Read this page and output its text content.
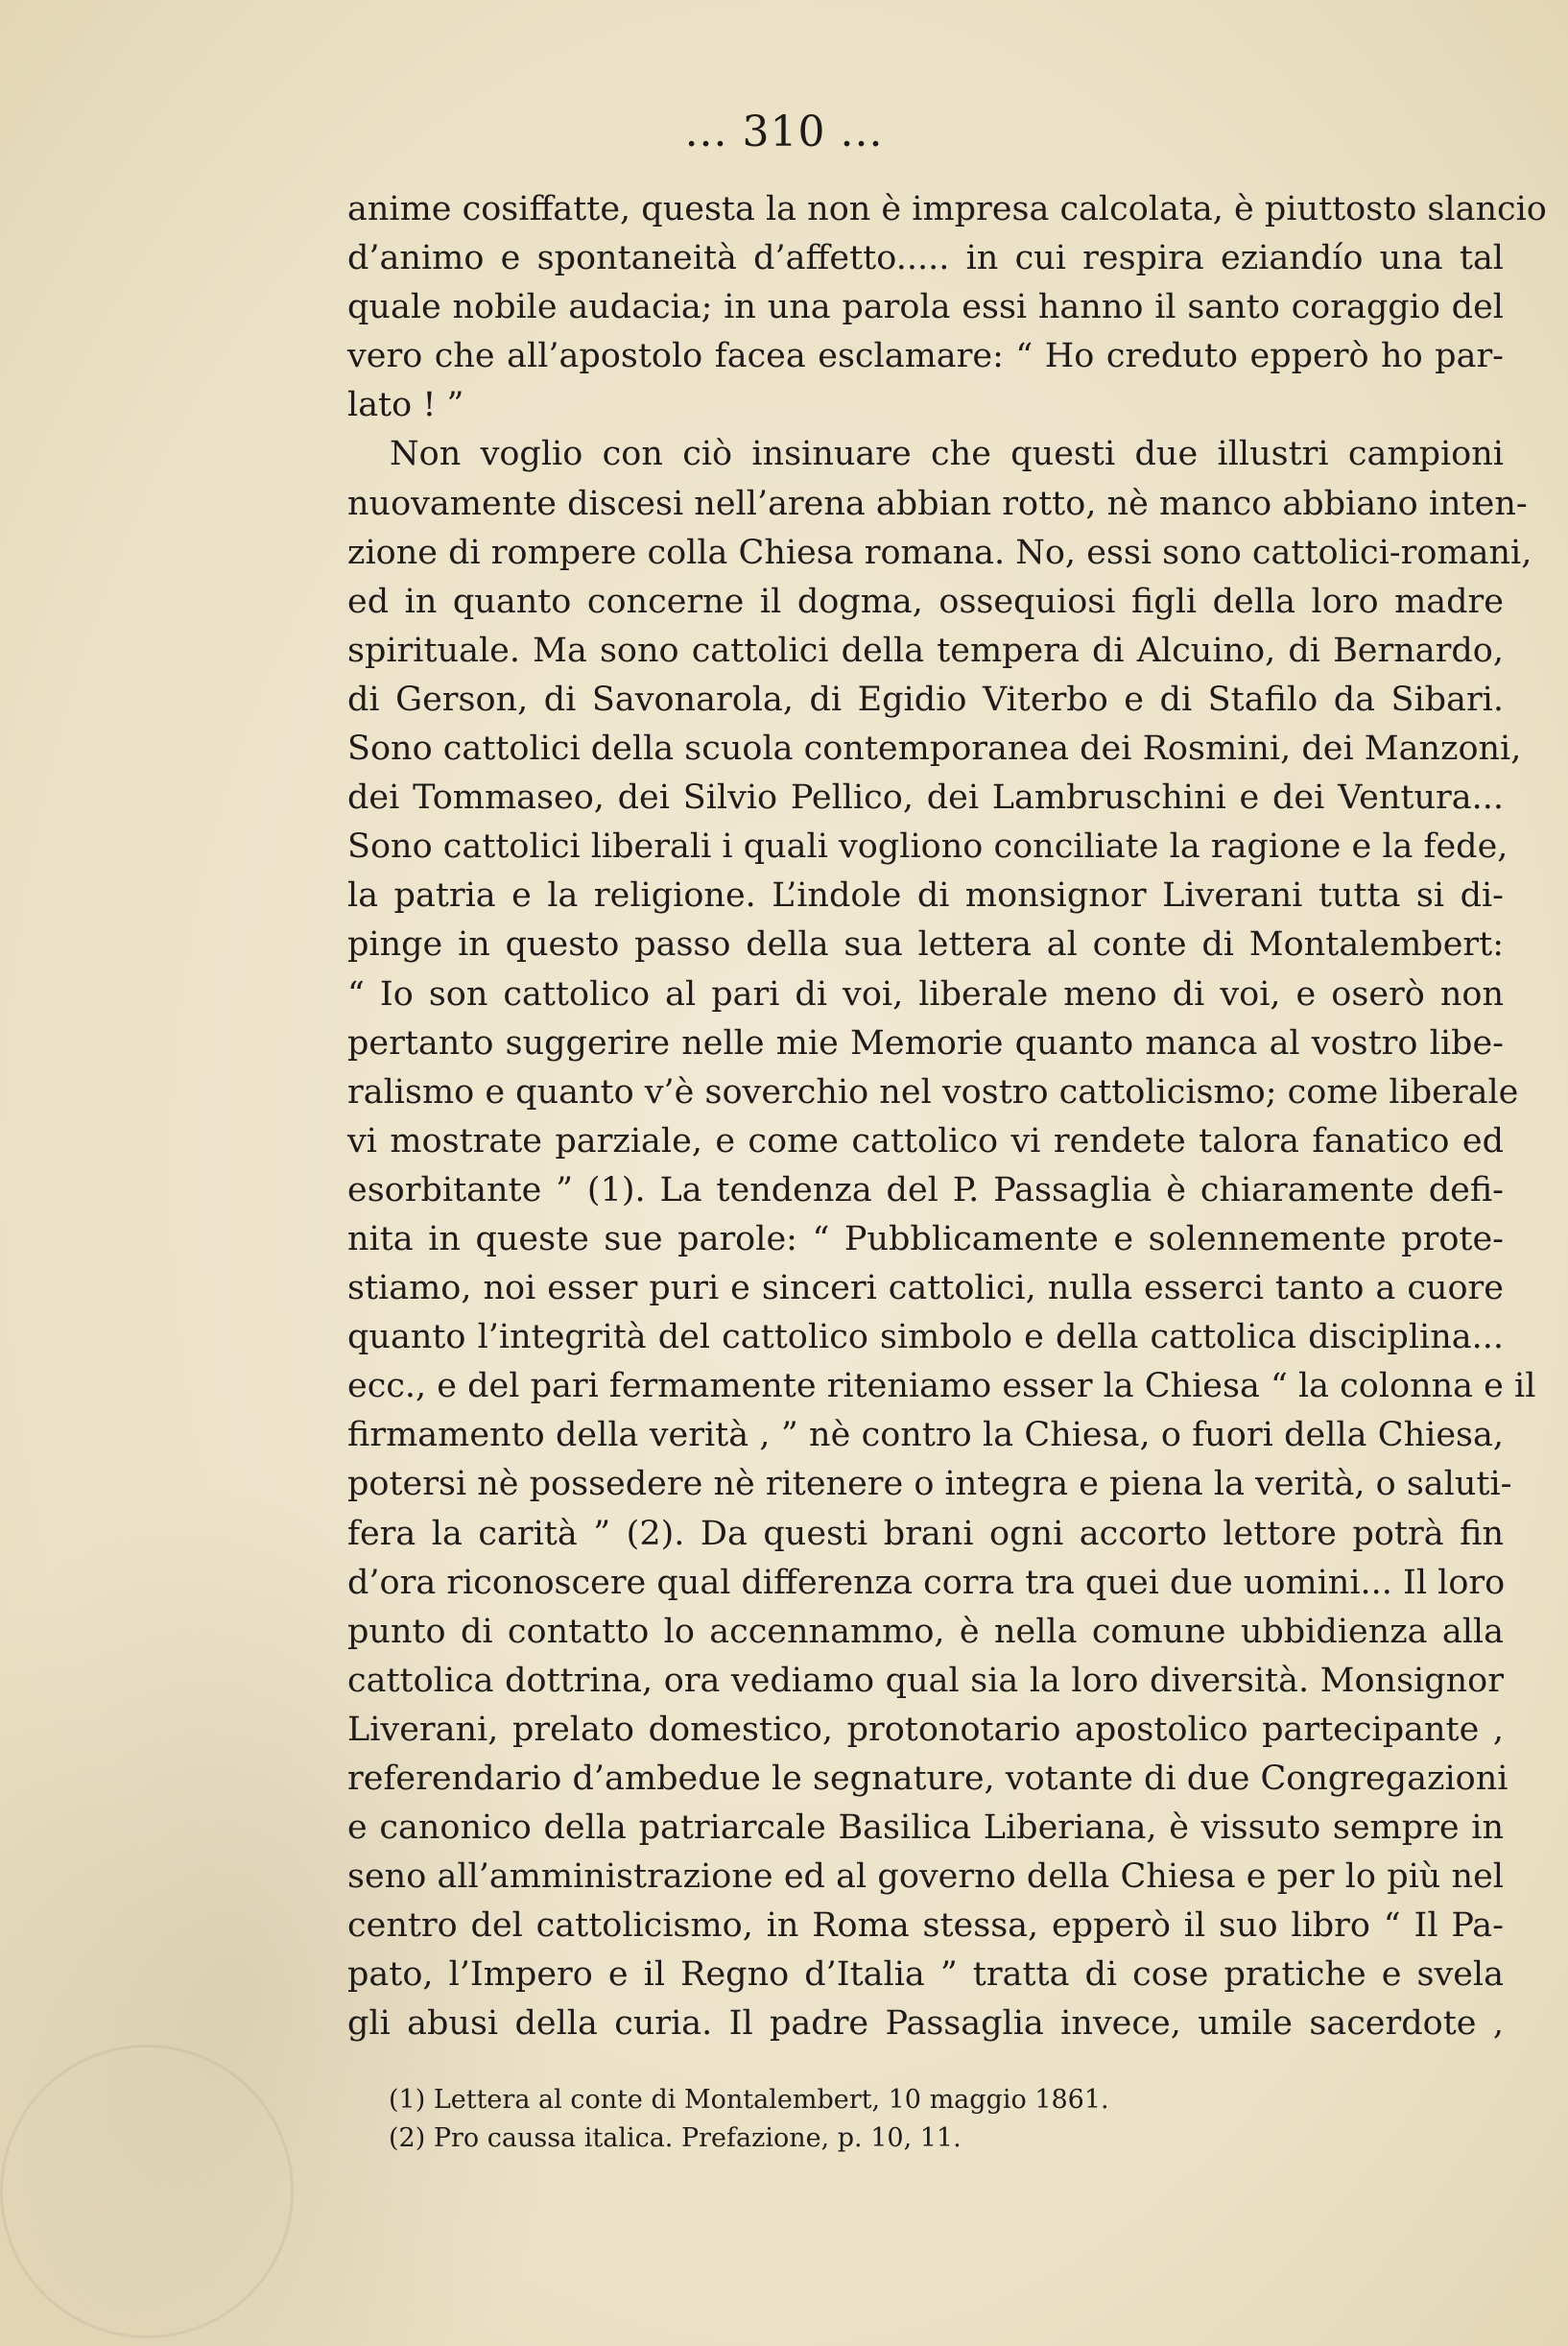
... 310 ...
anime cosiffatte, questa la non è impresa calcolata, è piuttosto slancio
d’animo e spontaneità d’affetto..... in cui respira eziandío una tal
quale nobile audacia; in una parola essi hanno il santo coraggio del
vero che all’apostolo facea esclamare: “ Ho creduto epperò ho par-
lato ! ”
Non voglio con ciò insinuare che questi due illustri campioni
nuovamente discesi nell’arena abbian rotto, nè manco abbiano inten-
zione di rompere colla Chiesa romana. No, essi sono cattolici-romani,
ed in quanto concerne il dogma, ossequiosi figli della loro madre
spirituale. Ma sono cattolici della tempera di Alcuino, di Bernardo,
di Gerson, di Savonarola, di Egidio Viterbo e di Stafilo da Sibari.
Sono cattolici della scuola contemporanea dei Rosmini, dei Manzoni,
dei Tommaseo, dei Silvio Pellico, dei Lambruschini e dei Ventura...
Sono cattolici liberali i quali vogliono conciliate la ragione e la fede,
la patria e la religione. L’indole di monsignor Liverani tutta si di-
pinge in questo passo della sua lettera al conte di Montalembert:
“ Io son cattolico al pari di voi, liberale meno di voi, e oserò non
pertanto suggerire nelle mie Memorie quanto manca al vostro libe-
ralismo e quanto v’è soverchio nel vostro cattolicismo; come liberale
vi mostrate parziale, e come cattolico vi rendete talora fanatico ed
esorbitante ” (1). La tendenza del P. Passaglia è chiaramente defi-
nita in queste sue parole: “ Pubblicamente e solennemente prote-
stiamo, noi esser puri e sinceri cattolici, nulla esserci tanto a cuore
quanto l’integrità del cattolico simbolo e della cattolica disciplina...
ecc., e del pari fermamente riteniamo esser la Chiesa “ la colonna e il
firmamento della verità , ” nè contro la Chiesa, o fuori della Chiesa,
potersi nè possedere nè ritenere o integra e piena la verità, o saluti-
fera la carità ” (2). Da questi brani ogni accorto lettore potrà fin
d’ora riconoscere qual differenza corra tra quei due uomini... Il loro
punto di contatto lo accennammo, è nella comune ubbidienza alla
cattolica dottrina, ora vediamo qual sia la loro diversità. Monsignor
Liverani, prelato domestico, protonotario apostolico partecipante ,
referendario d’ambedue le segnature, votante di due Congregazioni
e canonico della patriarcale Basilica Liberiana, è vissuto sempre in
seno all’amministrazione ed al governo della Chiesa e per lo più nel
centro del cattolicismo, in Roma stessa, epperò il suo libro “ Il Pa-
pato, l’Impero e il Regno d’Italia ” tratta di cose pratiche e svela
gli abusi della curia. Il padre Passaglia invece, umile sacerdote ,
(1) Lettera al conte di Montalembert, 10 maggio 1861.
(2) Pro caussa italica. Prefazione, p. 10, 11.
